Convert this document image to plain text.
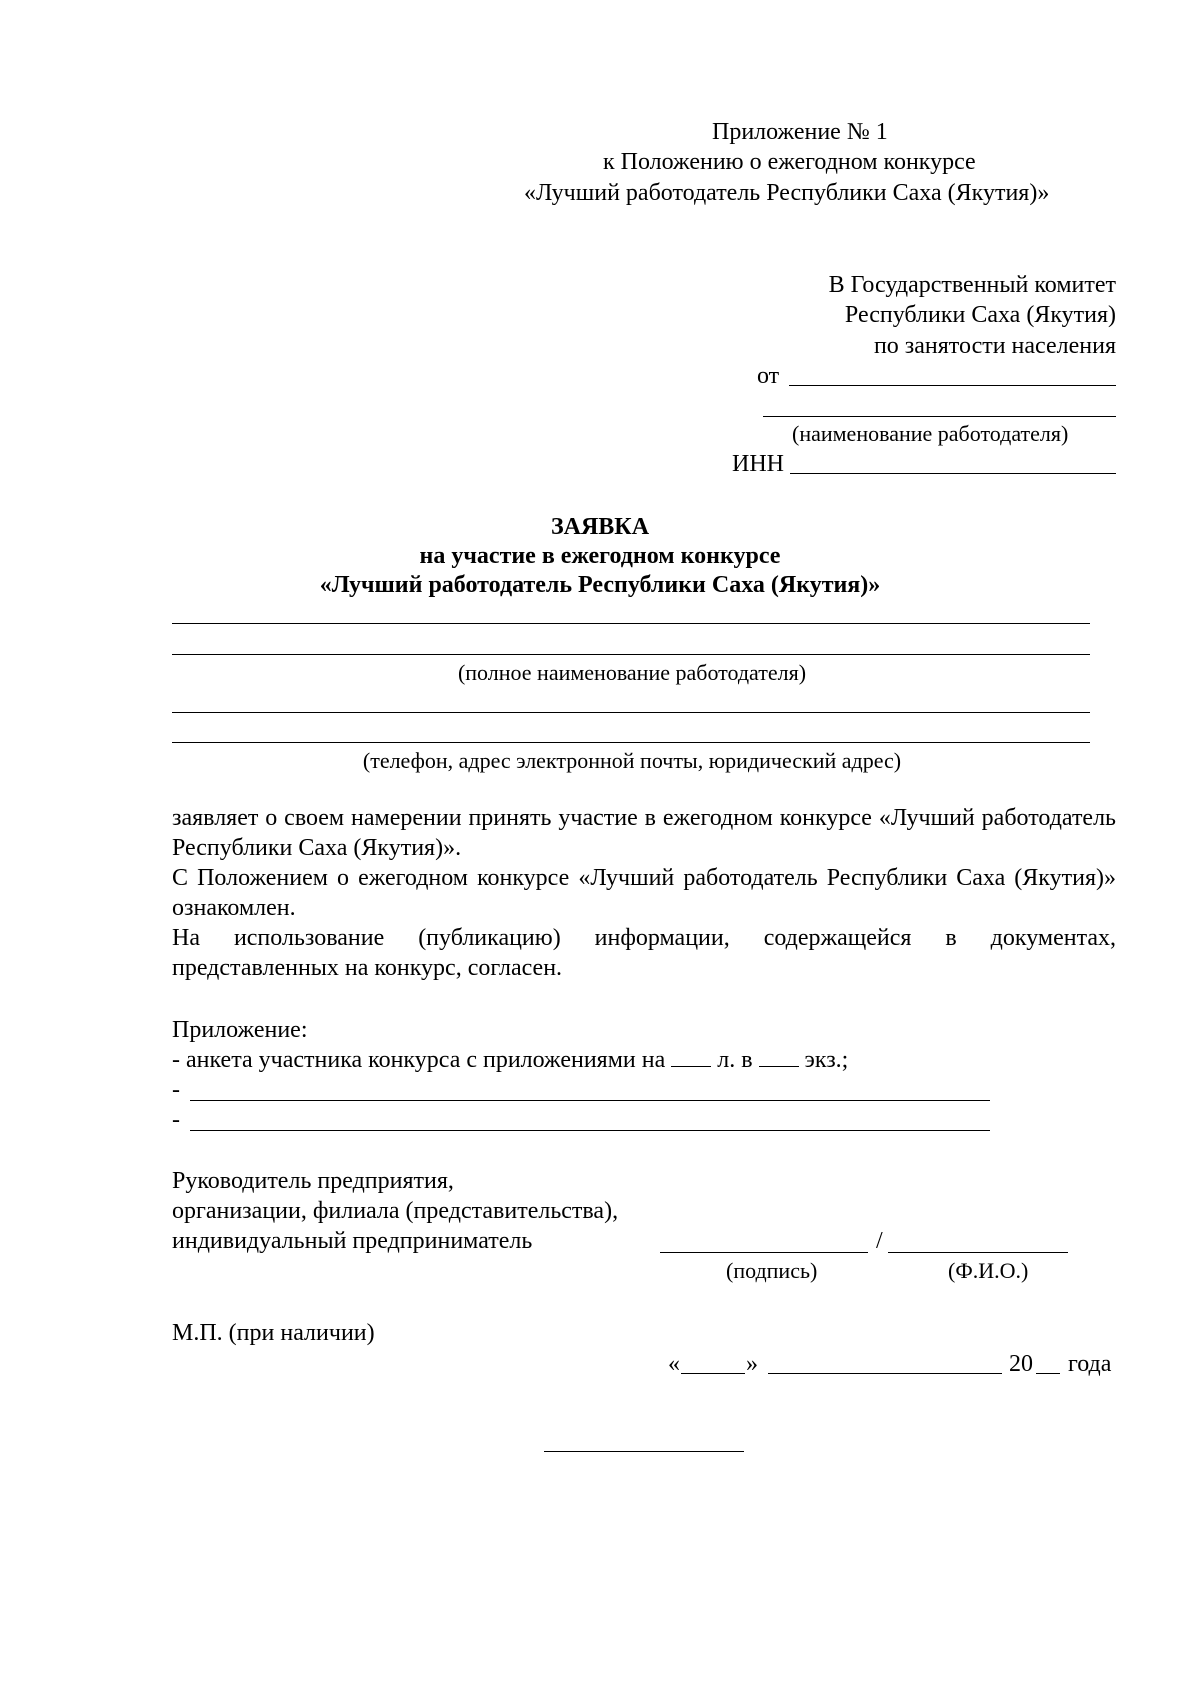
Приложение № 1
к Положению о ежегодном конкурсе
«Лучший работодатель Республики Саха (Якутия)»
В Государственный комитет
Республики Саха (Якутия)
по занятости населения
от
(наименование работодателя)
ИНН
ЗАЯВКА
на участие в ежегодном конкурсе
«Лучший работодатель Республики Саха (Якутия)»
(полное наименование работодателя)
(телефон, адрес электронной почты, юридический адрес)
заявляет о своем намерении принять участие в ежегодном конкурсе «Лучший работодатель Республики Саха (Якутия)».
С Положением о ежегодном конкурсе «Лучший работодатель Республики Саха (Якутия)» ознакомлен.
На использование (публикацию) информации, содержащейся в документах, представленных на конкурс, согласен.
Приложение:
- анкета участника конкурса с приложениями на л. в экз.;
-
-
Руководитель предприятия,
организации, филиала (представительства),
индивидуальный предприниматель	/
(подпись)	(Ф.И.О.)
М.П. (при наличии)
«	»	20 года
